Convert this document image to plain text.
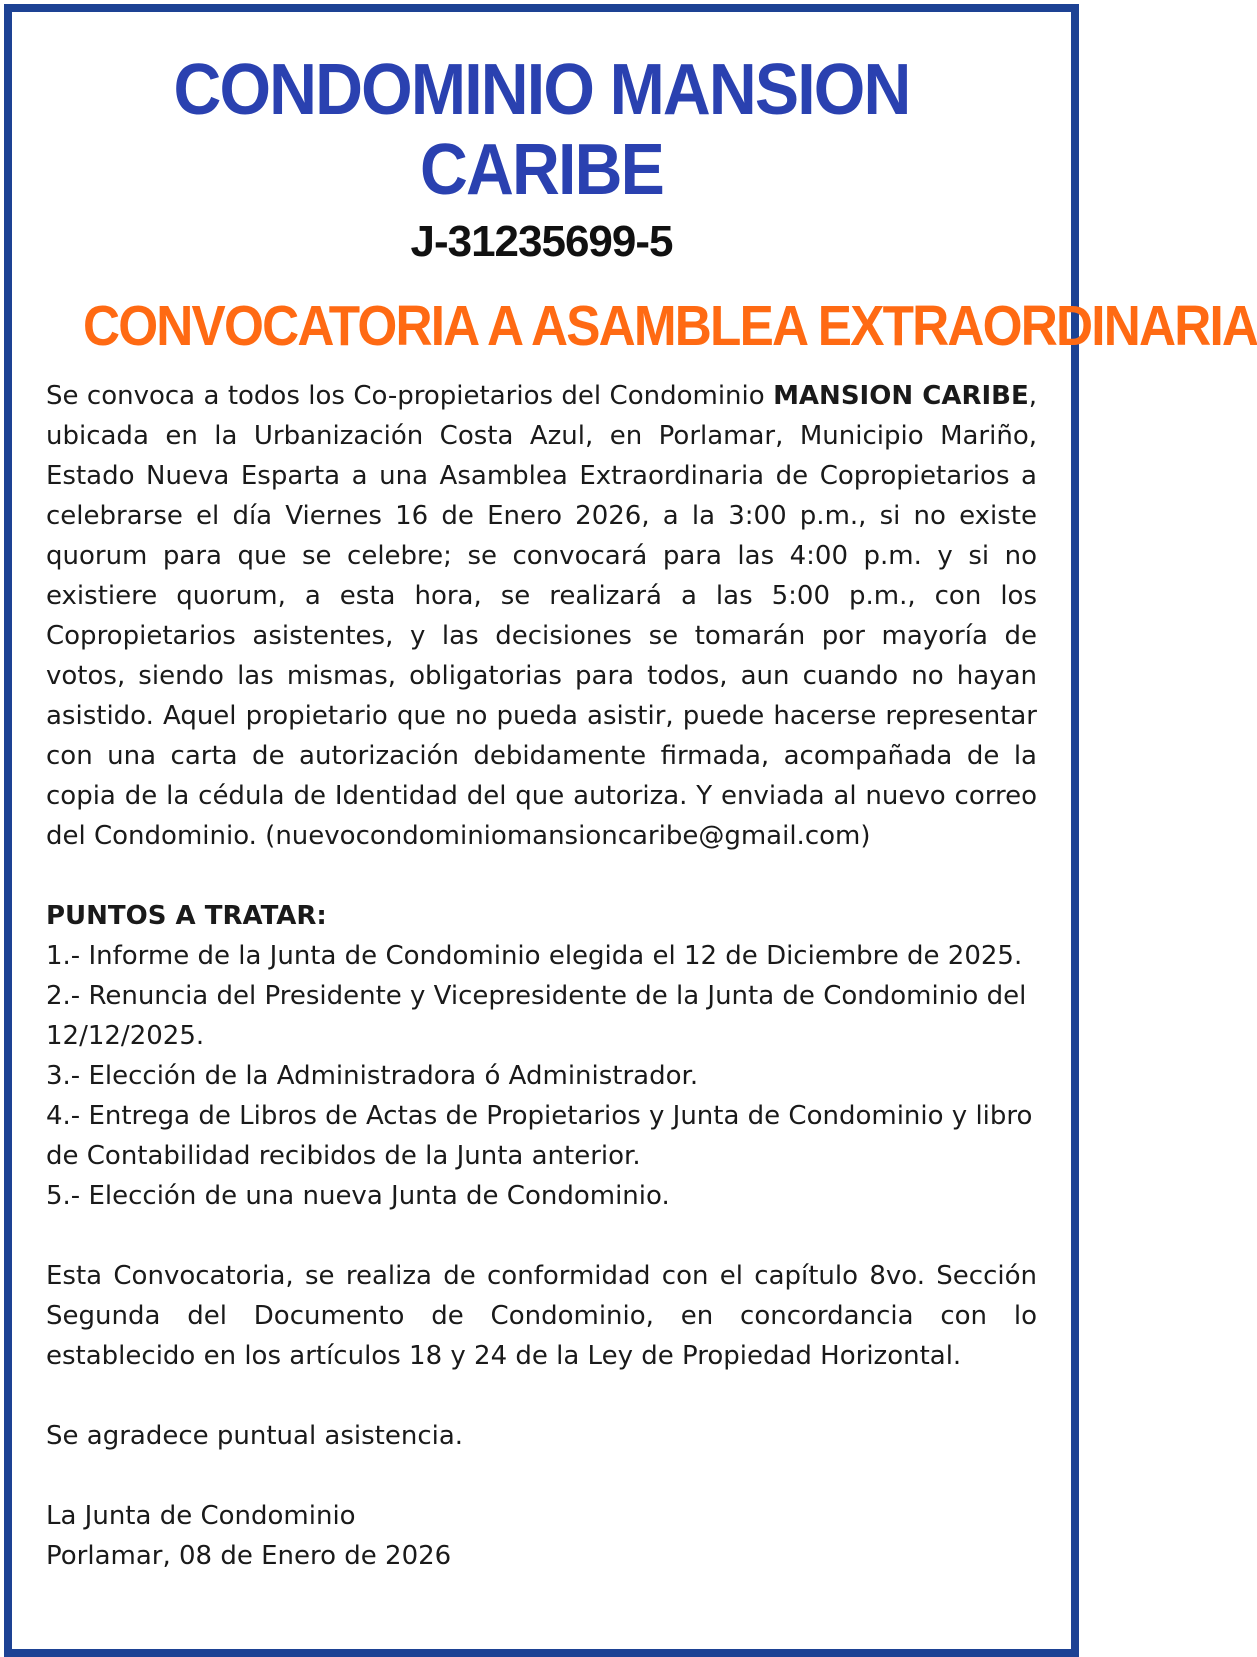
CONDOMINIO MANSION CARIBE
J-31235699-5
CONVOCATORIA A ASAMBLEA EXTRAORDINARIA

Se convoca a todos los Co-propietarios del Condominio MANSION CARIBE, ubicada en la Urbanización Costa Azul, en Porlamar, Municipio Mariño, Estado Nueva Esparta a una Asamblea Extraordinaria de Copropietarios a celebrarse el día Viernes 16 de Enero 2026, a la 3:00 p.m., si no existe quorum para que se celebre; se convocará para las 4:00 p.m. y si no existiere quorum, a esta hora, se realizará a las 5:00 p.m., con los Copropietarios asistentes, y las decisiones se tomarán por mayoría de votos, siendo las mismas, obligatorias para todos, aun cuando no hayan asistido. Aquel propietario que no pueda asistir, puede hacerse representar con una carta de autorización debidamente firmada, acompañada de la copia de la cédula de Identidad del que autoriza. Y enviada al nuevo correo del Condominio. (nuevocondominiomansioncaribe@gmail.com)

PUNTOS A TRATAR:
1.- Informe de la Junta de Condominio elegida el 12 de Diciembre de 2025.
2.- Renuncia del Presidente y Vicepresidente de la Junta de Condominio del 12/12/2025.
3.- Elección de la Administradora ó Administrador.
4.- Entrega de Libros de Actas de Propietarios y Junta de Condominio y libro de Contabilidad recibidos de la Junta anterior.
5.- Elección de una nueva Junta de Condominio.

Esta Convocatoria, se realiza de conformidad con el capítulo 8vo. Sección Segunda del Documento de Condominio, en concordancia con lo establecido en los artículos 18 y 24 de la Ley de Propiedad Horizontal.

Se agradece puntual asistencia.

La Junta de Condominio
Porlamar, 08 de Enero de 2026
